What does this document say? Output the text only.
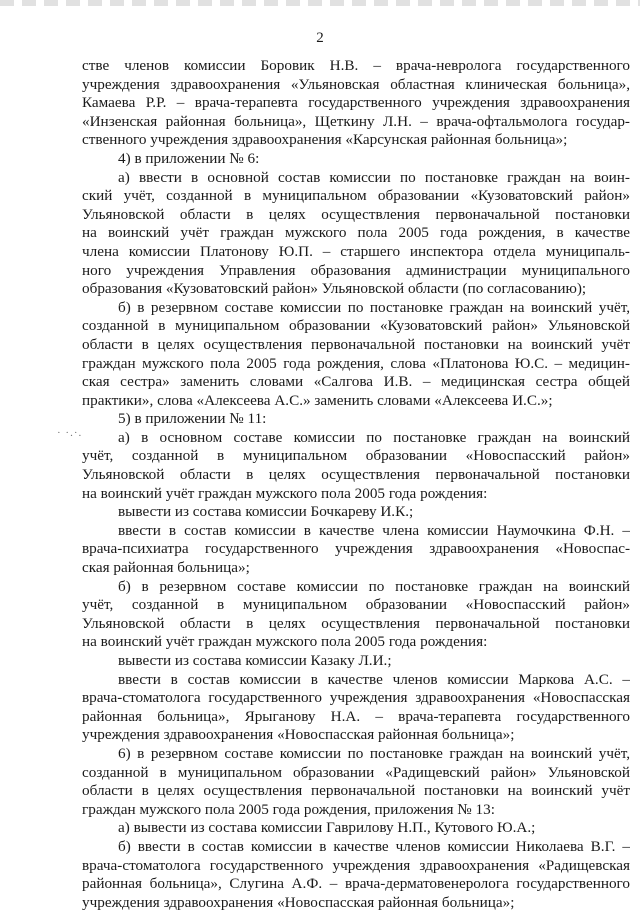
2
· ·.·.
стве членов комиссии Боровик Н.В. – врача-невролога государственного
учреждения здравоохранения «Ульяновская областная клиническая больница»,
Камаева Р.Р. – врача-терапевта государственного учреждения здравоохранения
«Инзенская районная больница», Щеткину Л.Н. – врача-офтальмолога государ-
ственного учреждения здравоохранения «Карсунская районная больница»;
4) в приложении № 6:
а) ввести в основной состав комиссии по постановке граждан на воин-
ский учёт, созданной в муниципальном образовании «Кузоватовский район»
Ульяновской области в целях осуществления первоначальной постановки
на воинский учёт граждан мужского пола 2005 года рождения, в качестве
члена комиссии Платонову Ю.П. – старшего инспектора отдела муниципаль-
ного учреждения Управления образования администрации муниципального
образования «Кузоватовский район» Ульяновской области (по согласованию);
б) в резервном составе комиссии по постановке граждан на воинский учёт,
созданной в муниципальном образовании «Кузоватовский район» Ульяновской
области в целях осуществления первоначальной постановки на воинский учёт
граждан мужского пола 2005 года рождения, слова «Платонова Ю.С. – медицин-
ская сестра» заменить словами «Салгова И.В. – медицинская сестра общей
практики», слова «Алексеева А.С.» заменить словами «Алексеева И.С.»;
5) в приложении № 11:
а) в основном составе комиссии по постановке граждан на воинский
учёт, созданной в муниципальном образовании «Новоспасский район»
Ульяновской области в целях осуществления первоначальной постановки
на воинский учёт граждан мужского пола 2005 года рождения:
вывести из состава комиссии Бочкареву И.К.;
ввести в состав комиссии в качестве члена комиссии Наумочкина Ф.Н. –
врача-психиатра государственного учреждения здравоохранения «Новоспас-
ская районная больница»;
б) в резервном составе комиссии по постановке граждан на воинский
учёт, созданной в муниципальном образовании «Новоспасский район»
Ульяновской области в целях осуществления первоначальной постановки
на воинский учёт граждан мужского пола 2005 года рождения:
вывести из состава комиссии Казаку Л.И.;
ввести в состав комиссии в качестве членов комиссии Маркова А.С. –
врача-стоматолога государственного учреждения здравоохранения «Новоспасская
районная больница», Ярыганову Н.А. – врача-терапевта государственного
учреждения здравоохранения «Новоспасская районная больница»;
6) в резервном составе комиссии по постановке граждан на воинский учёт,
созданной в муниципальном образовании «Радищевский район» Ульяновской
области в целях осуществления первоначальной постановки на воинский учёт
граждан мужского пола 2005 года рождения, приложения № 13:
а) вывести из состава комиссии Гаврилову Н.П., Кутового Ю.А.;
б) ввести в состав комиссии в качестве членов комиссии Николаева В.Г. –
врача-стоматолога государственного учреждения здравоохранения «Радищевская
районная больница», Слугина А.Ф. – врача-дерматовенеролога государственного
учреждения здравоохранения «Новоспасская районная больница»;
